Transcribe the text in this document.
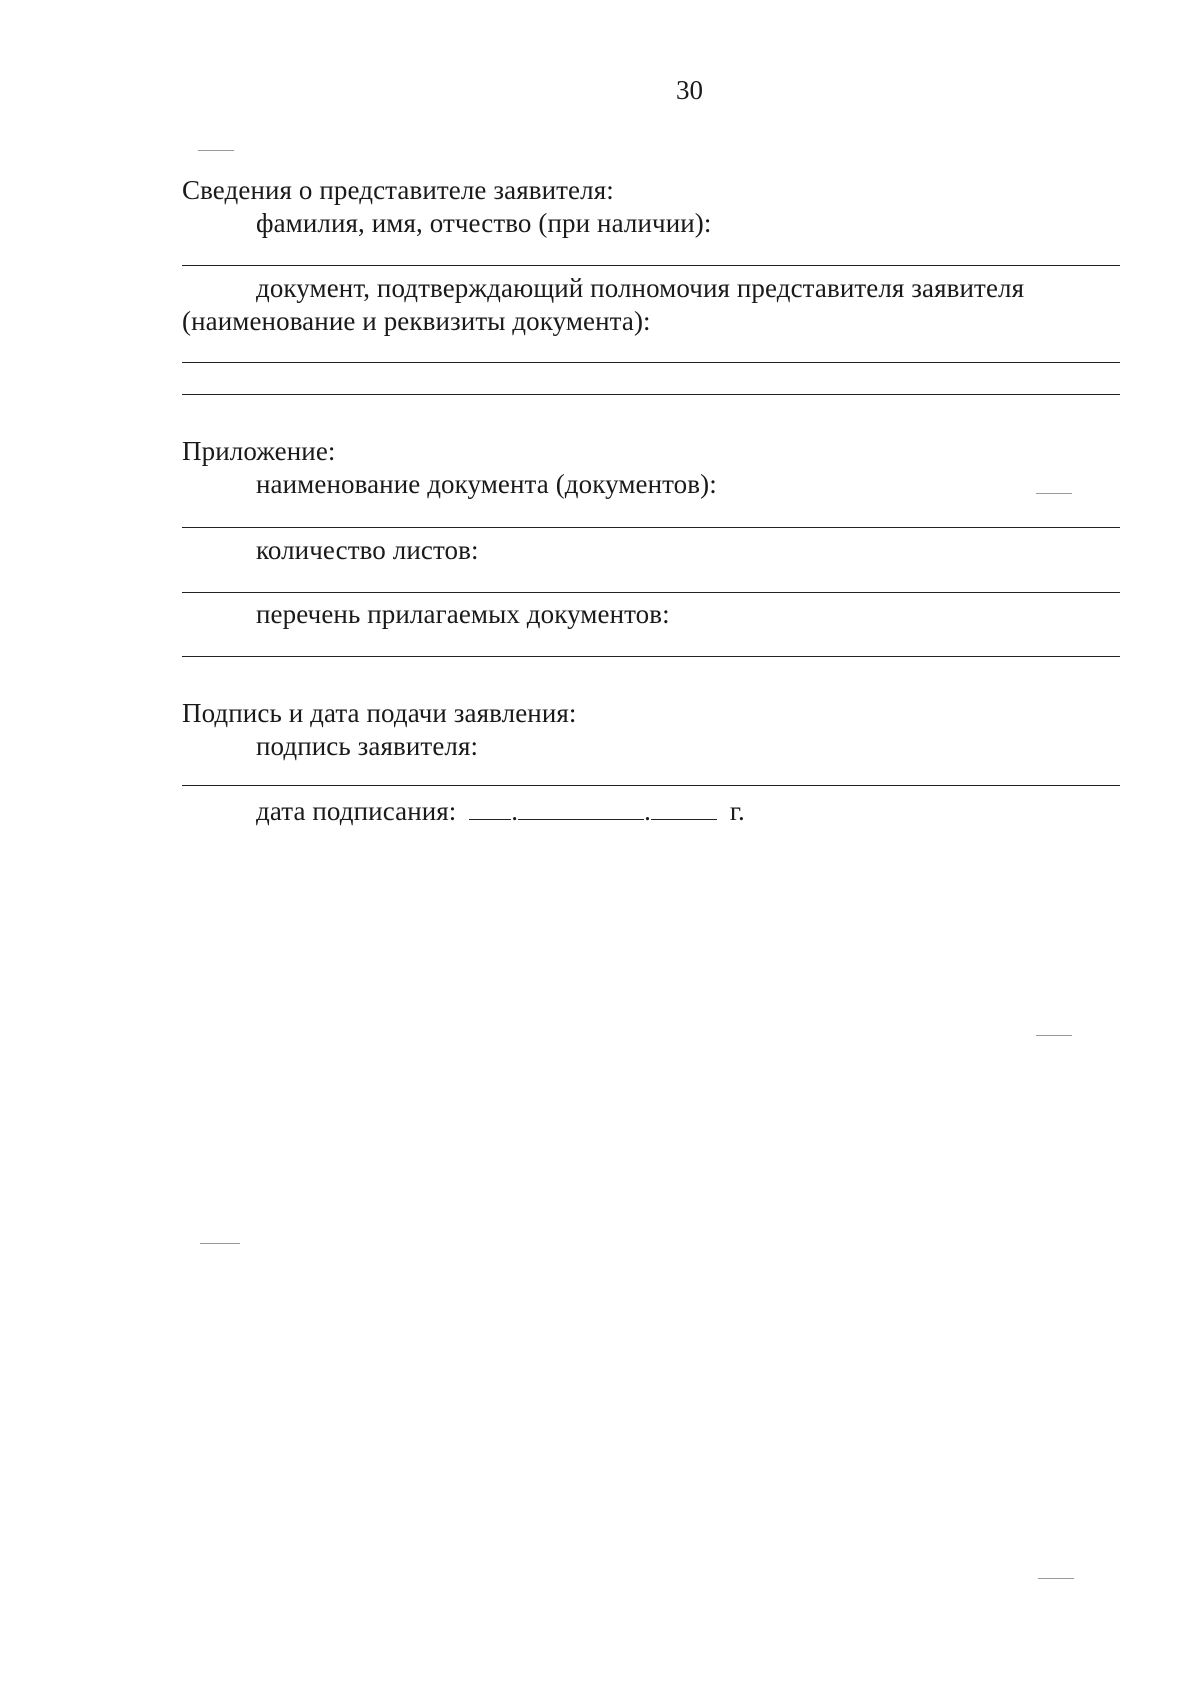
30
Сведения о представителе заявителя:
фамилия, имя, отчество (при наличии):
документ, подтверждающий полномочия представителя заявителя
(наименование и реквизиты документа):
Приложение:
наименование документа (документов):
количество листов:
перечень прилагаемых документов:
Подпись и дата подачи заявления:
подпись заявителя:
дата подписания: .	.	г.
